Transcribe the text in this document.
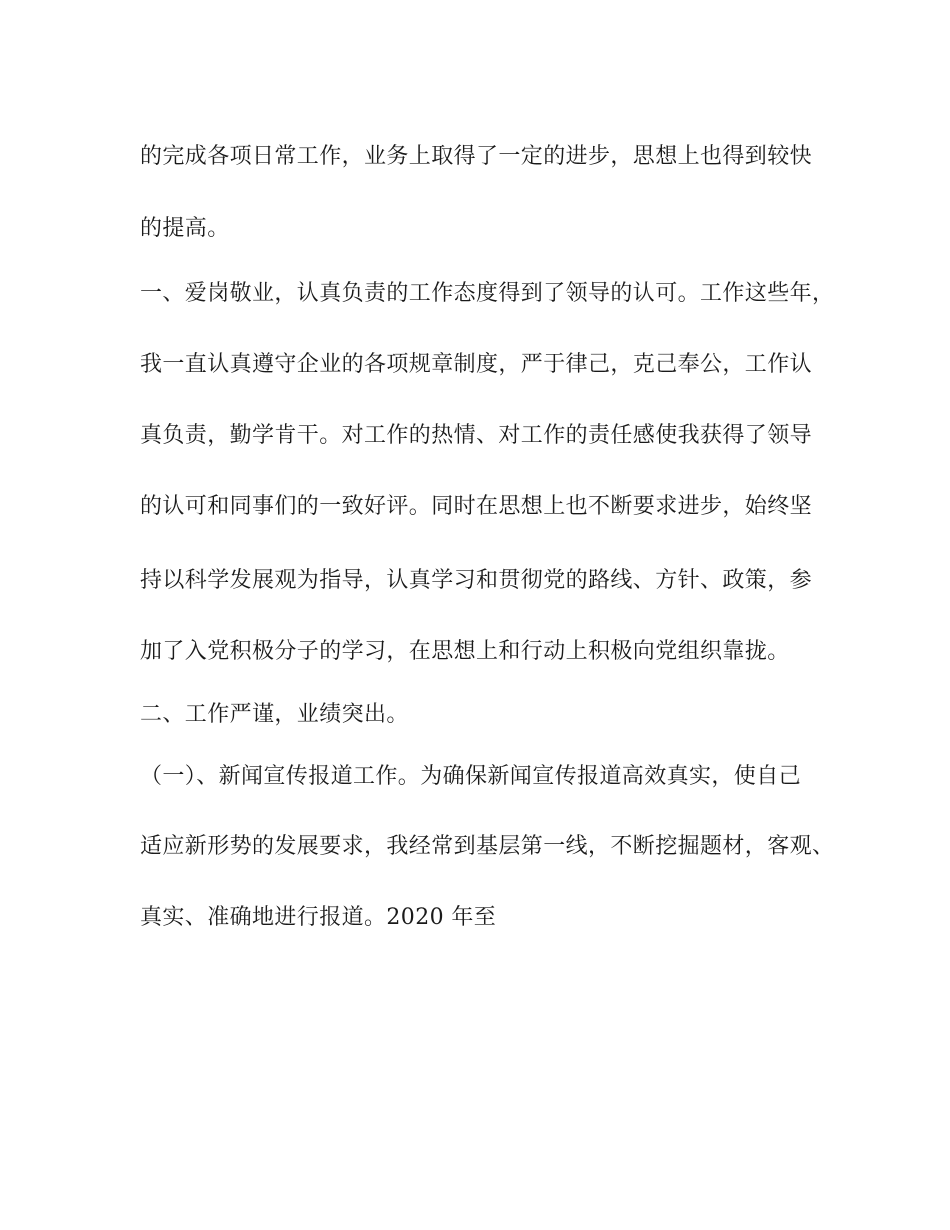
的完成各项日常工作，业务上取得了一定的进步，思想上也得到较快

的提高。

一、爱岗敬业，认真负责的工作态度得到了领导的认可。工作这些年，

我一直认真遵守企业的各项规章制度，严于律己，克己奉公，工作认

真负责，勤学肯干。对工作的热情、对工作的责任感使我获得了领导

的认可和同事们的一致好评。同时在思想上也不断要求进步，始终坚

持以科学发展观为指导，认真学习和贯彻党的路线、方针、政策，参

加了入党积极分子的学习，在思想上和行动上积极向党组织靠拢。

二、工作严谨，业绩突出。

（一）、新闻宣传报道工作。为确保新闻宣传报道高效真实，使自己

适应新形势的发展要求，我经常到基层第一线，不断挖掘题材，客观、

真实、准确地进行报道。2020 年至
